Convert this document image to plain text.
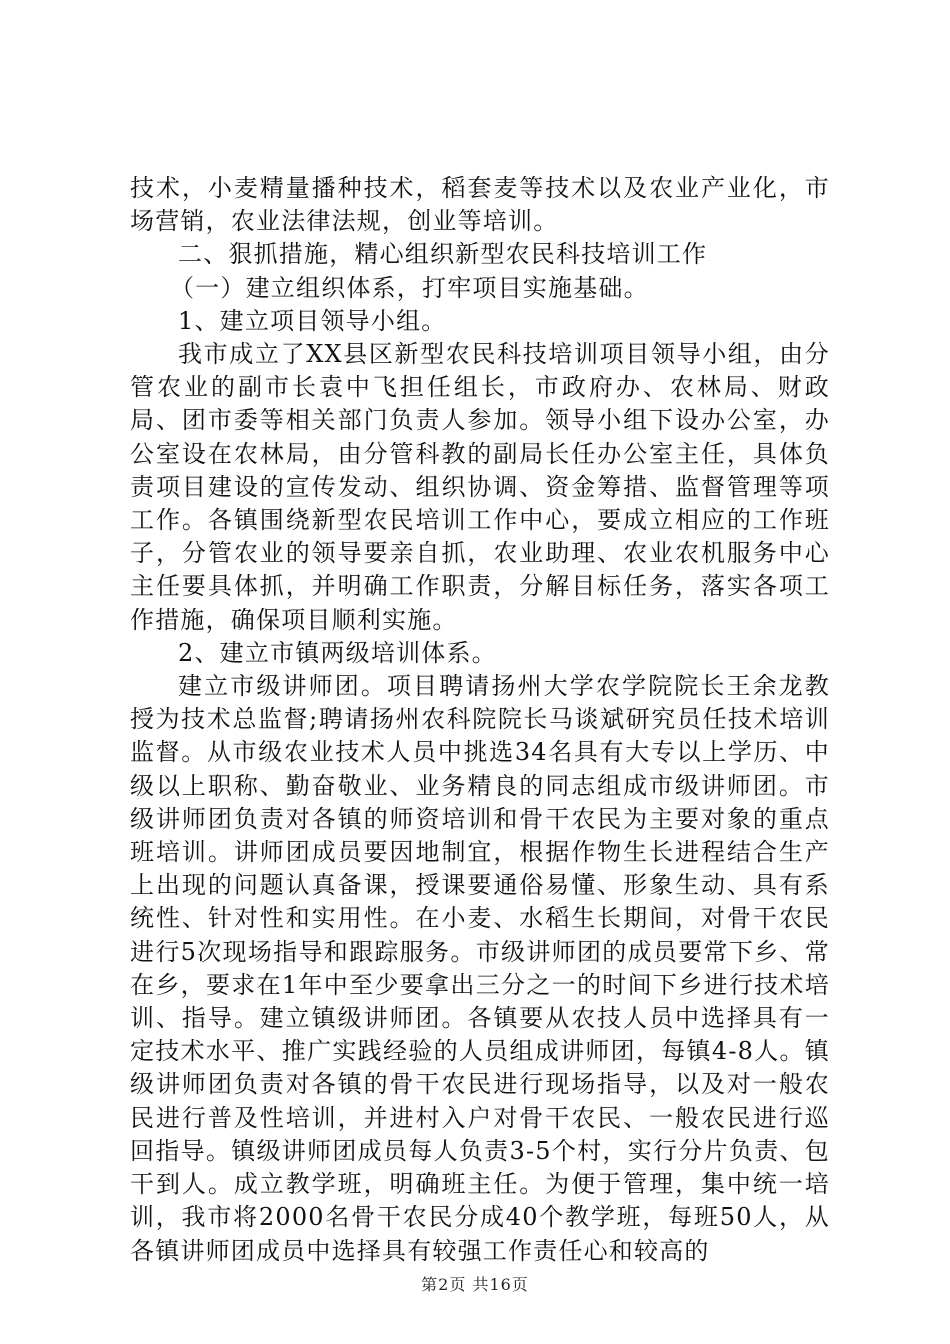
技术，小麦精量播种技术，稻套麦等技术以及农业产业化，市场营销，农业法律法规，创业等培训。

二、狠抓措施，精心组织新型农民科技培训工作

（一）建立组织体系，打牢项目实施基础。

1、建立项目领导小组。

我市成立了XX县区新型农民科技培训项目领导小组，由分管农业的副市长袁中飞担任组长，市政府办、农林局、财政局、团市委等相关部门负责人参加。领导小组下设办公室，办公室设在农林局，由分管科教的副局长任办公室主任，具体负责项目建设的宣传发动、组织协调、资金筹措、监督管理等项工作。各镇围绕新型农民培训工作中心，要成立相应的工作班子，分管农业的领导要亲自抓，农业助理、农业农机服务中心主任要具体抓，并明确工作职责，分解目标任务，落实各项工作措施，确保项目顺利实施。

2、建立市镇两级培训体系。

建立市级讲师团。项目聘请扬州大学农学院院长王余龙教授为技术总监督;聘请扬州农科院院长马谈斌研究员任技术培训监督。从市级农业技术人员中挑选34名具有大专以上学历、中级以上职称、勤奋敬业、业务精良的同志组成市级讲师团。市级讲师团负责对各镇的师资培训和骨干农民为主要对象的重点班培训。讲师团成员要因地制宜，根据作物生长进程结合生产上出现的问题认真备课，授课要通俗易懂、形象生动、具有系统性、针对性和实用性。在小麦、水稻生长期间，对骨干农民进行5次现场指导和跟踪服务。市级讲师团的成员要常下乡、常在乡，要求在1年中至少要拿出三分之一的时间下乡进行技术培训、指导。建立镇级讲师团。各镇要从农技人员中选择具有一定技术水平、推广实践经验的人员组成讲师团，每镇4-8人。镇级讲师团负责对各镇的骨干农民进行现场指导，以及对一般农民进行普及性培训，并进村入户对骨干农民、一般农民进行巡回指导。镇级讲师团成员每人负责3-5个村，实行分片负责、包干到人。成立教学班，明确班主任。为便于管理，集中统一培训，我市将2000名骨干农民分成40个教学班，每班50人，从各镇讲师团成员中选择具有较强工作责任心和较高的

第2页 共16页
